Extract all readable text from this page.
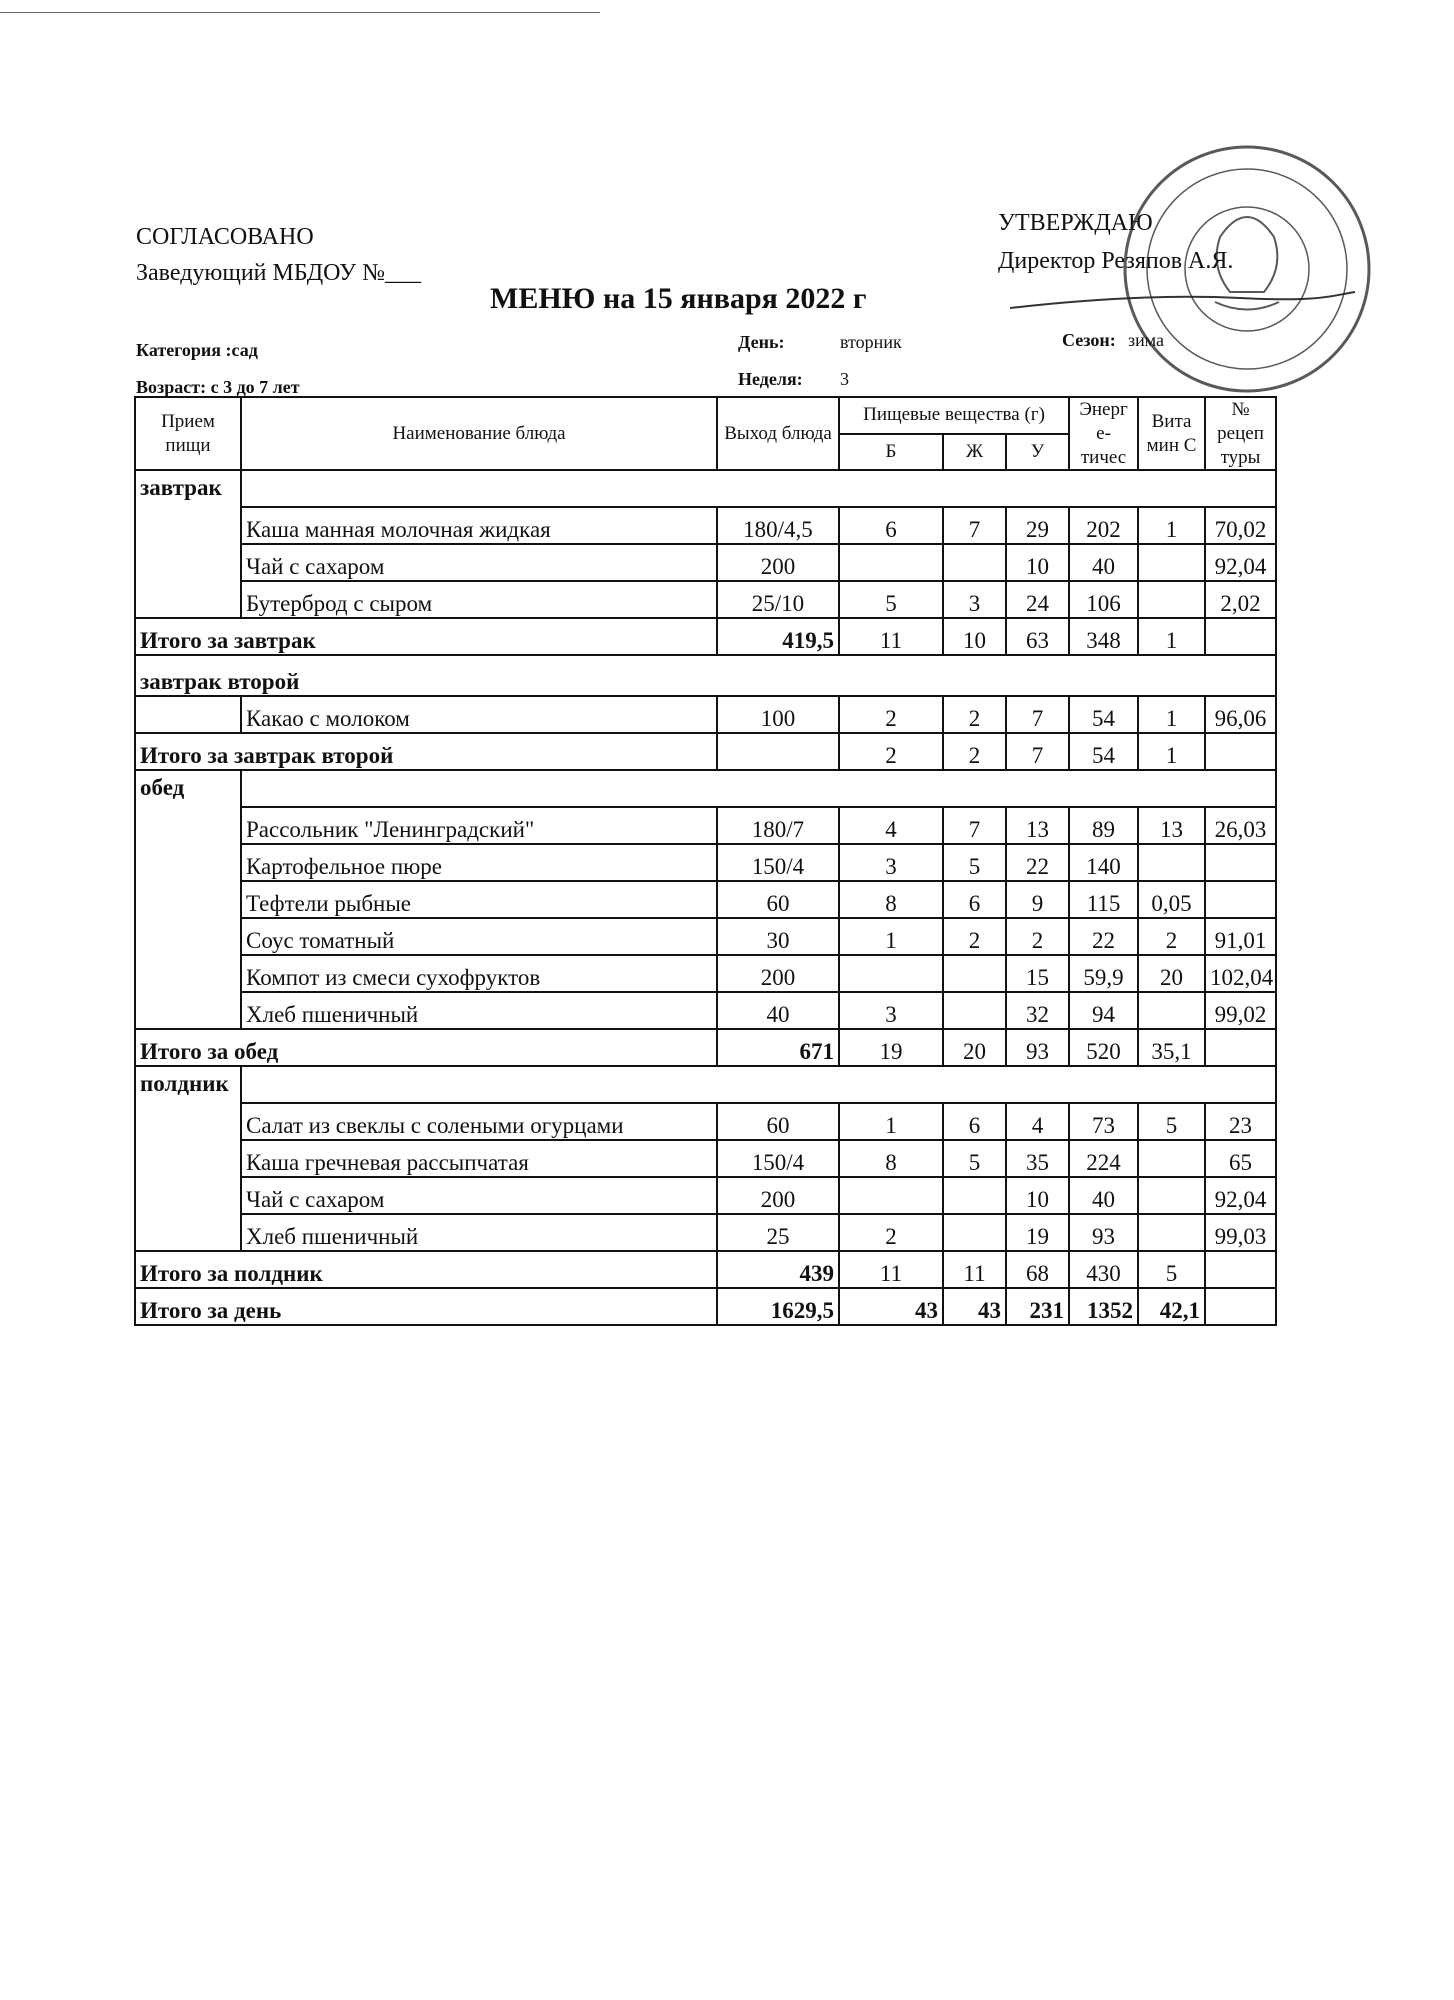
СОГЛАСОВАНО
Заведующий МБДОУ №___
УТВЕРЖДАЮ
Директор Резяпов А.Я.
МЕНЮ на 15 января 2022 г
Категория :сад
Возраст: с 3 до 7 лет
День:	вторник
Неделя: 3
Сезон: зима
Прием пищи	Наименование блюда	Выход блюда	Пищевые вещества (г)			Энерг е- тичес	Вита мин С	№ рецеп туры
			Б	Ж	У			
завтрак								
	Каша манная молочная жидкая	180/4,5	6	7	29	202	1	70,02
	Чай с сахаром	200			10	40		92,04
	Бутерброд с сыром	25/10	5	3	24	106		2,02
Итого за завтрак		419,5	11	10	63	348	1	
завтрак второй								
	Какао с молоком	100	2	2	7	54	1	96,06
Итого за завтрак второй			2	2	7	54	1	
обед								
	Рассольник "Ленинградский"	180/7	4	7	13	89	13	26,03
	Картофельное пюре	150/4	3	5	22	140		
	Тефтели рыбные	60	8	6	9	115	0,05	
	Соус томатный	30	1	2	2	22	2	91,01
	Компот из смеси сухофруктов	200			15	59,9	20	102,04
	Хлеб пшеничный	40	3		32	94		99,02
Итого за обед		671	19	20	93	520	35,1	
полдник								
	Салат из свеклы с солеными огурцами	60	1	6	4	73	5	23
	Каша гречневая рассыпчатая	150/4	8	5	35	224		65
	Чай с сахаром	200			10	40		92,04
	Хлеб пшеничный	25	2		19	93		99,03
Итого за полдник		439	11	11	68	430	5	
Итого за день		1629,5	43	43	231	1352	42,1	
